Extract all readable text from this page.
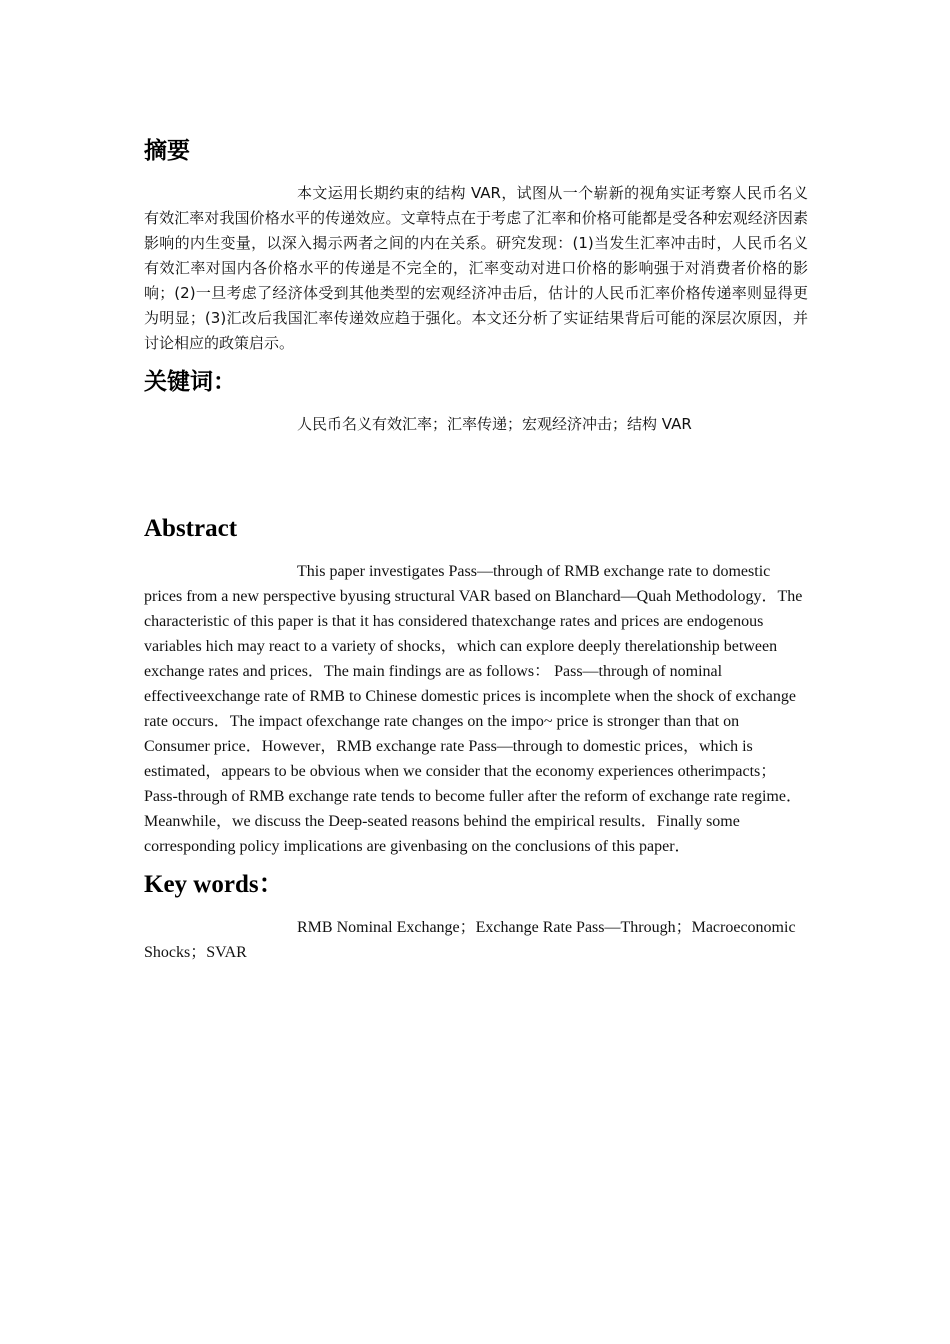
摘要

本文运用长期约束的结构 VAR，试图从一个崭新的视角实证考察人民币名义有效汇率对我国价格水平的传递效应。文章特点在于考虑了汇率和价格可能都是受各种宏观经济因素影响的内生变量，以深入揭示两者之间的内在关系。研究发现：(1)当发生汇率冲击时，人民币名义有效汇率对国内各价格水平的传递是不完全的，汇率变动对进口价格的影响强于对消费者价格的影响；(2)一旦考虑了经济体受到其他类型的宏观经济冲击后，估计的人民币汇率价格传递率则显得更为明显；(3)汇改后我国汇率传递效应趋于强化。本文还分析了实证结果背后可能的深层次原因，并讨论相应的政策启示。

关键词：

人民币名义有效汇率；汇率传递；宏观经济冲击；结构 VAR

Abstract

This paper investigates Pass—through of RMB exchange rate to domestic prices from a new perspective byusing structural VAR based on Blanchard—Quah Methodology．The characteristic of this paper is that it has considered thatexchange rates and prices are endogenous variables hich may react to a variety of shocks，which can explore deeply therelationship between exchange rates and prices．The main findings are as follows： Pass—through of nominal effectiveexchange rate of RMB to Chinese domestic prices is incomplete when the shock of exchange rate occurs．The impact ofexchange rate changes on the impo~ price is stronger than that on Consumer price．However，RMB exchange rate Pass—through to domestic prices，which is estimated，appears to be obvious when we consider that the economy experiences otherimpacts；Pass-through of RMB exchange rate tends to become fuller after the reform of exchange rate regime．Meanwhile，we discuss the Deep-seated reasons behind the empirical results．Finally some corresponding policy implications are givenbasing on the conclusions of this paper．

Key words：

RMB Nominal Exchange；Exchange Rate Pass—Through；Macroeconomic Shocks；SVAR
